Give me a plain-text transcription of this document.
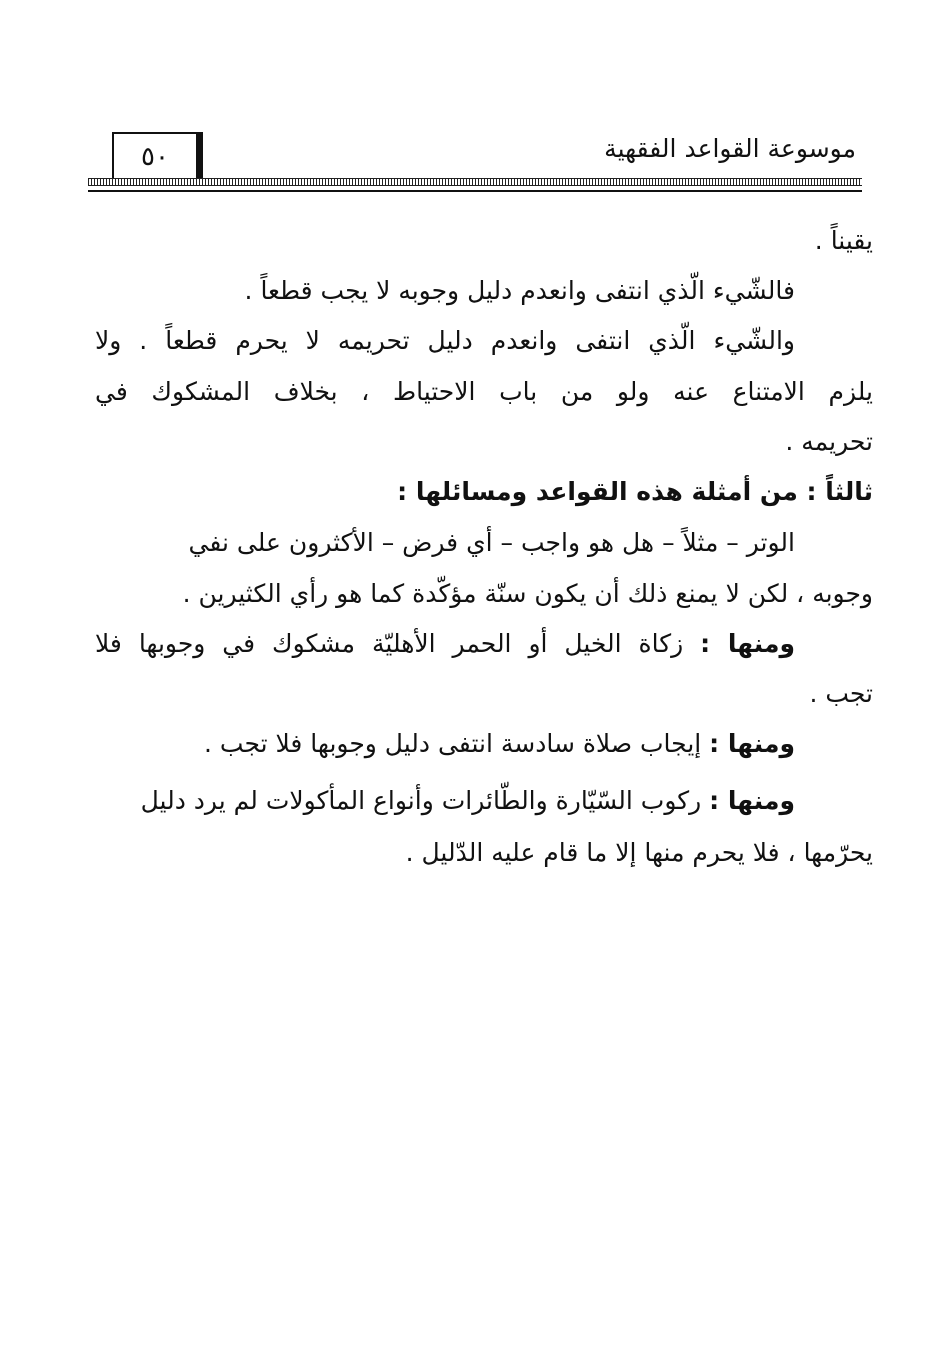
٥٠	موسوعة القواعد الفقهية
يقيناً .
فالشّيء الّذي انتفى وانعدم دليل وجوبه لا يجب قطعاً .
والشّيء الّذي انتفى وانعدم دليل تحريمه لا يحرم قطعاً . ولا
يلزم الامتناع عنه ولو من باب الاحتياط ، بخلاف المشكوك في
تحريمه .
ثالثاً : من أمثلة هذه القواعد ومسائلها :
الوتر – مثلاً – هل هو واجب – أي فرض – الأكثرون على نفي
وجوبه ، لكن لا يمنع ذلك أن يكون سنّة مؤكّدة كما هو رأي الكثيرين .
ومنها : زكاة الخيل أو الحمر الأهليّة مشكوك في وجوبها فلا
تجب .
ومنها : إيجاب صلاة سادسة انتفى دليل وجوبها فلا تجب .
ومنها : ركوب السّيّارة والطّائرات وأنواع المأكولات لم يرد دليل
يحرّمها ، فلا يحرم منها إلا ما قام عليه الدّليل .
